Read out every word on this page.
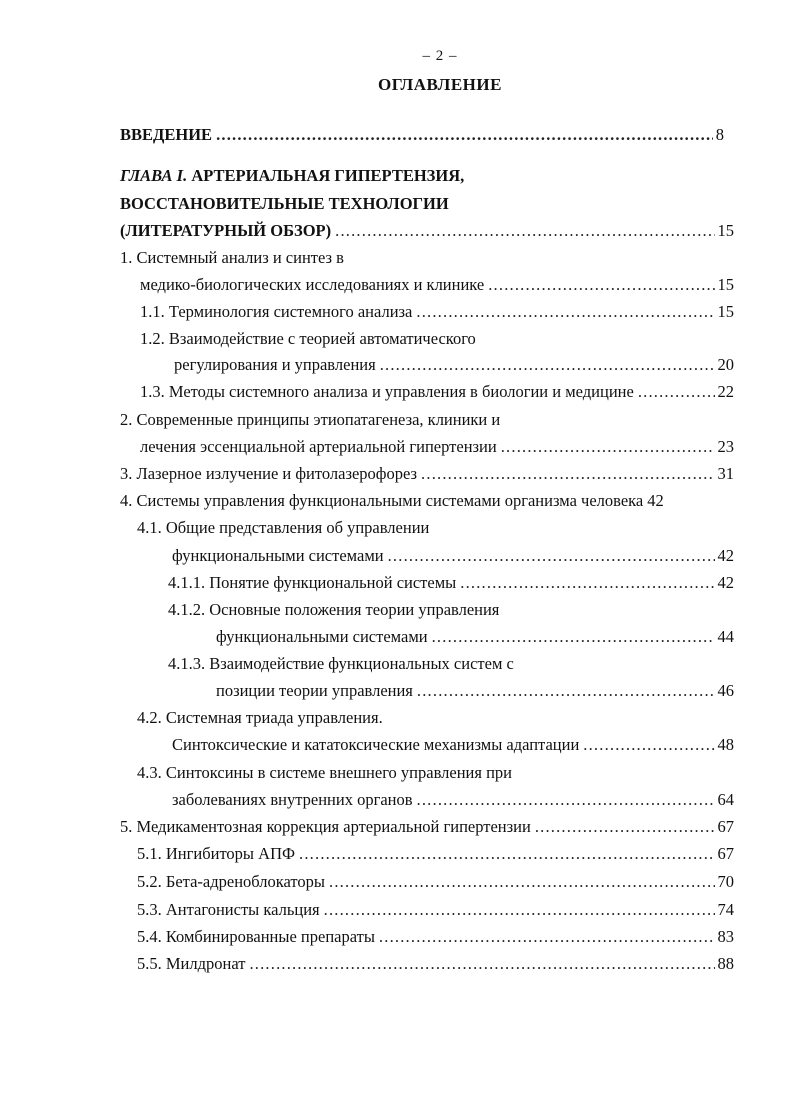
– 2 –
ОГЛАВЛЕНИЕ
ВВЕДЕНИЕ .....	8
ГЛАВА I. АРТЕРИАЛЬНАЯ ГИПЕРТЕНЗИЯ,
ВОССТАНОВИТЕЛЬНЫЕ ТЕХНОЛОГИИ
(ЛИТЕРАТУРНЫЙ ОБЗОР) .....	15
1. Системный анализ и синтез в
медико-биологических исследованиях и клинике .....	15
1.1. Терминология системного анализа .....	15
1.2. Взаимодействие с теорией автоматического
регулирования и управления .....	20
1.3. Методы системного анализа и управления в биологии и медицине .....	22
2. Современные принципы этиопатагенеза, клиники и
лечения эссенциальной артериальной гипертензии .....	23
3. Лазерное излучение и фитолазерофорез .....	31
4. Системы управления функциональными системами организма человека 42
4.1. Общие представления об управлении
функциональными системами .....	42
4.1.1. Понятие функциональной системы .....	42
4.1.2. Основные положения теории управления
функциональными системами .....	44
4.1.3. Взаимодействие функциональных систем с
позиции теории управления .....	46
4.2. Системная триада управления.
Синтоксические и кататоксические механизмы адаптации .....	48
4.3. Синтоксины в системе внешнего управления при
заболеваниях внутренних органов .....	64
5. Медикаментозная коррекция артериальной гипертензии .....	67
5.1. Ингибиторы АПФ .....	67
5.2. Бета-адреноблокаторы .....	70
5.3. Антагонисты кальция .....	74
5.4. Комбинированные препараты .....	83
5.5. Милдронат .....	88
